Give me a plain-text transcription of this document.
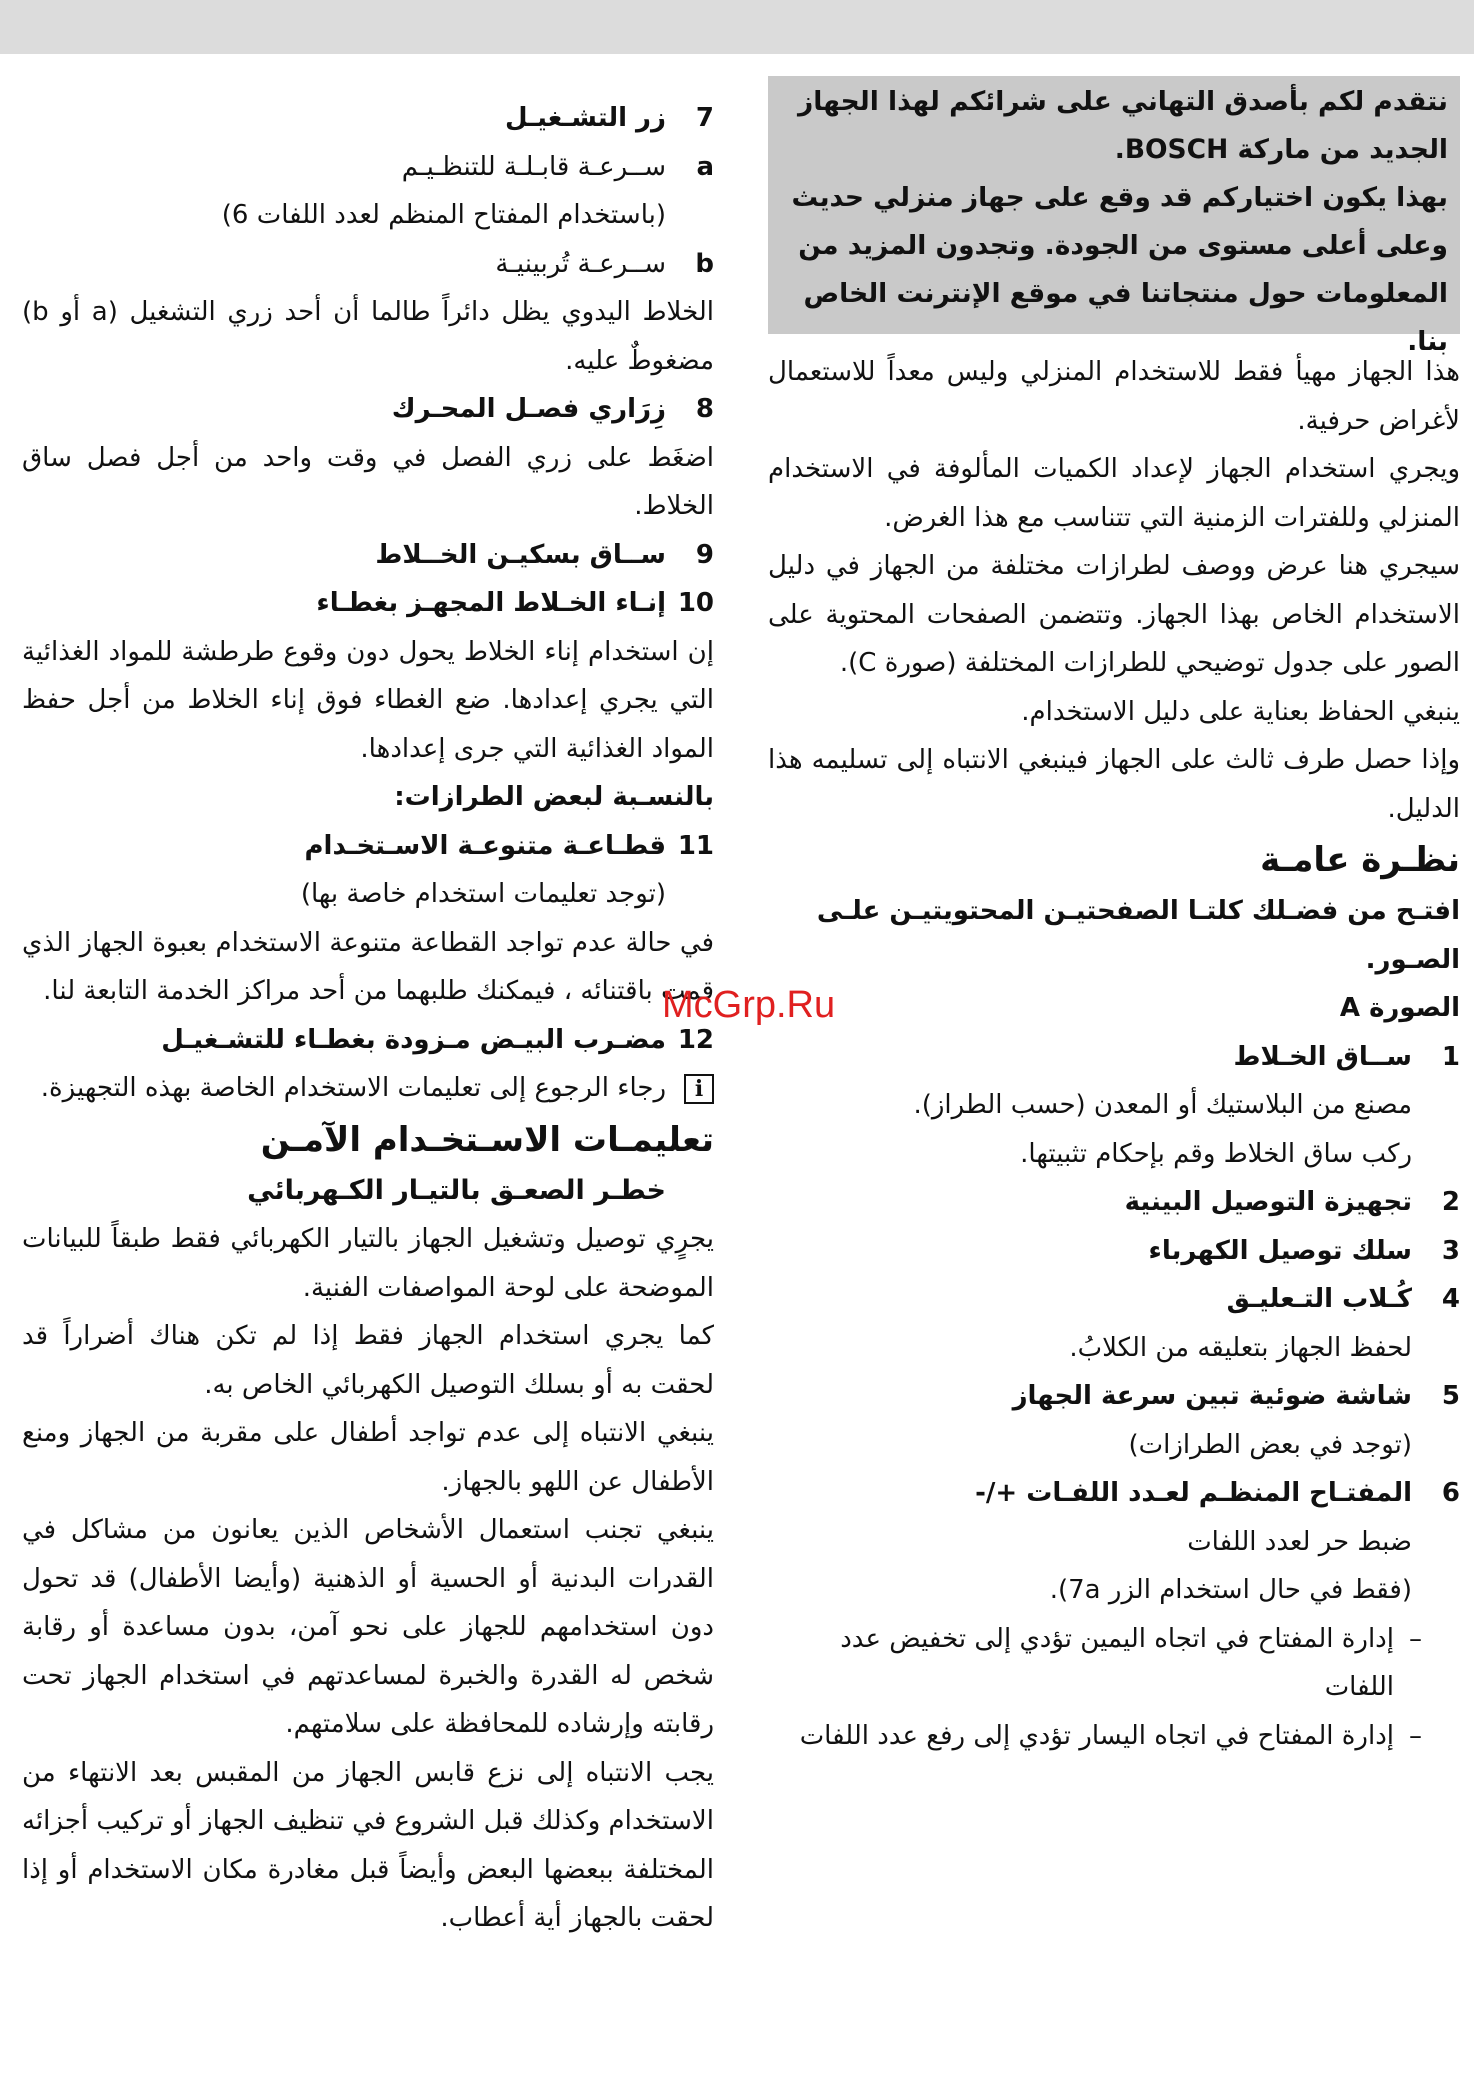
نتقدم لكم بأصدق التهاني على شرائكم لهذا الجهاز

الجديد من ماركة BOSCH.

بهذا يكون اختياركم قد وقع على جهاز منزلي حديث

وعلى أعلى مستوى من الجودة. وتجدون المزيد من

المعلومات حول منتجاتنا في موقع الإنترنت الخاص بنا.

هذا الجهاز مهيأ فقط للاستخدام المنزلي وليس معداً للاستعمال لأغراض حرفية.

ويجري استخدام الجهاز لإعداد الكميات المألوفة في الاستخدام المنزلي وللفترات الزمنية التي تتناسب مع هذا الغرض.

سيجري هنا عرض ووصف لطرازات مختلفة من الجهاز في دليل الاستخدام الخاص بهذا الجهاز. وتتضمن الصفحات المحتوية على الصور على جدول توضيحي للطرازات المختلفة (صورة C).

ينبغي الحفاظ بعناية على دليل الاستخدام.

وإذا حصل طرف ثالث على الجهاز فينبغي الانتباه إلى تسليمه هذا الدليل.

نظـرة عامـة

افتـح من فضـلك كلتـا الصفحتيـن المحتويتيـن علـى الصـور.

الصورة A

1
ســاق الخـلاط

مصنع من البلاستيك أو المعدن (حسب الطراز).

ركب ساق الخلاط وقم بإحكام تثبيتها.

2
تجهيزة التوصيل البينية
3
سلك توصيل الكهرباء
4
كُـلاب التـعليـق

لحفظ الجهاز بتعليقه من الكلابُ.

5
شاشة ضوئية تبين سرعة الجهاز

(توجد في بعض الطرازات)

6
المفتـاح المنظـم لعـدد اللفـات +/-

ضبط حر لعدد اللفات

(فقط في حال استخدام الزر 7a).

–
إدارة المفتاح في اتجاه اليمين تؤدي إلى تخفيض عدد اللفات
–
إدارة المفتاح في اتجاه اليسار تؤدي إلى رفع عدد اللفات
7
زر التشـغيـل
a
ســرعـة قابـلـة للتنظـيـم

(باستخدام المفتاح المنظم لعدد اللفات 6)

b
ســرعـة تُربينيـة

الخلاط اليدوي يظل دائراً طالما أن أحد زري التشغيل (a أو b) مضغوطٌ عليه.

8
زِرَاري فصـل المحـرك

اضغَط على زري الفصل في وقت واحد من أجل فصل ساق الخلاط.

9
ســاق بسكيـن الخــلاط
10
إنـاء الخـلاط المجهـز بغطـاء

إن استخدام إناء الخلاط يحول دون وقوع طرطشة للمواد الغذائية التي يجري إعدادها. ضع الغطاء فوق إناء الخلاط من أجل حفظ المواد الغذائية التي جرى إعدادها.

بالنسـبة لبعض الطرازات:

11
قطـاعـة متنوعـة الاسـتخـدام

(توجد تعليمات استخدام خاصة بها)

في حالة عدم تواجد القطاعة متنوعة الاستخدام بعبوة الجهاز الذي قمت باقتنائه ، فيمكنك طلبهما من أحد مراكز الخدمة التابعة لنا.

12
مضـرب البيـض مـزودة بغطـاء للتشـغيـل
i
رجاء الرجوع إلى تعليمات الاستخدام الخاصة بهذه التجهيزة.

تعليمـات الاسـتخـدام الآمـن

خطـر الصعـق بالتيـار الكـهربائي

يجرٍي توصيل وتشغيل الجهاز بالتيار الكهربائي فقط طبقاً للبيانات الموضحة على لوحة المواصفات الفنية.

كما يجري استخدام الجهاز فقط إذا لم تكن هناك أضراراً قد لحقت به أو بسلك التوصيل الكهربائي الخاص به.

ينبغي الانتباه إلى عدم تواجد أطفال على مقربة من الجهاز ومنع الأطفال عن اللهو بالجهاز.

ينبغي تجنب استعمال الأشخاص الذين يعانون من مشاكل في القدرات البدنية أو الحسية أو الذهنية (وأيضا الأطفال) قد تحول دون استخدامهم للجهاز على نحو آمن، بدون مساعدة أو رقابة شخص له القدرة والخبرة لمساعدتهم في استخدام الجهاز تحت رقابته وإرشاده للمحافظة على سلامتهم.

يجب الانتباه إلى نزع قابس الجهاز من المقبس بعد الانتهاء من الاستخدام وكذلك قبل الشروع في تنظيف الجهاز أو تركيب أجزائه المختلفة ببعضها البعض وأيضاً قبل مغادرة مكان الاستخدام أو إذا لحقت بالجهاز أية أعطاب.

McGrp.Ru
